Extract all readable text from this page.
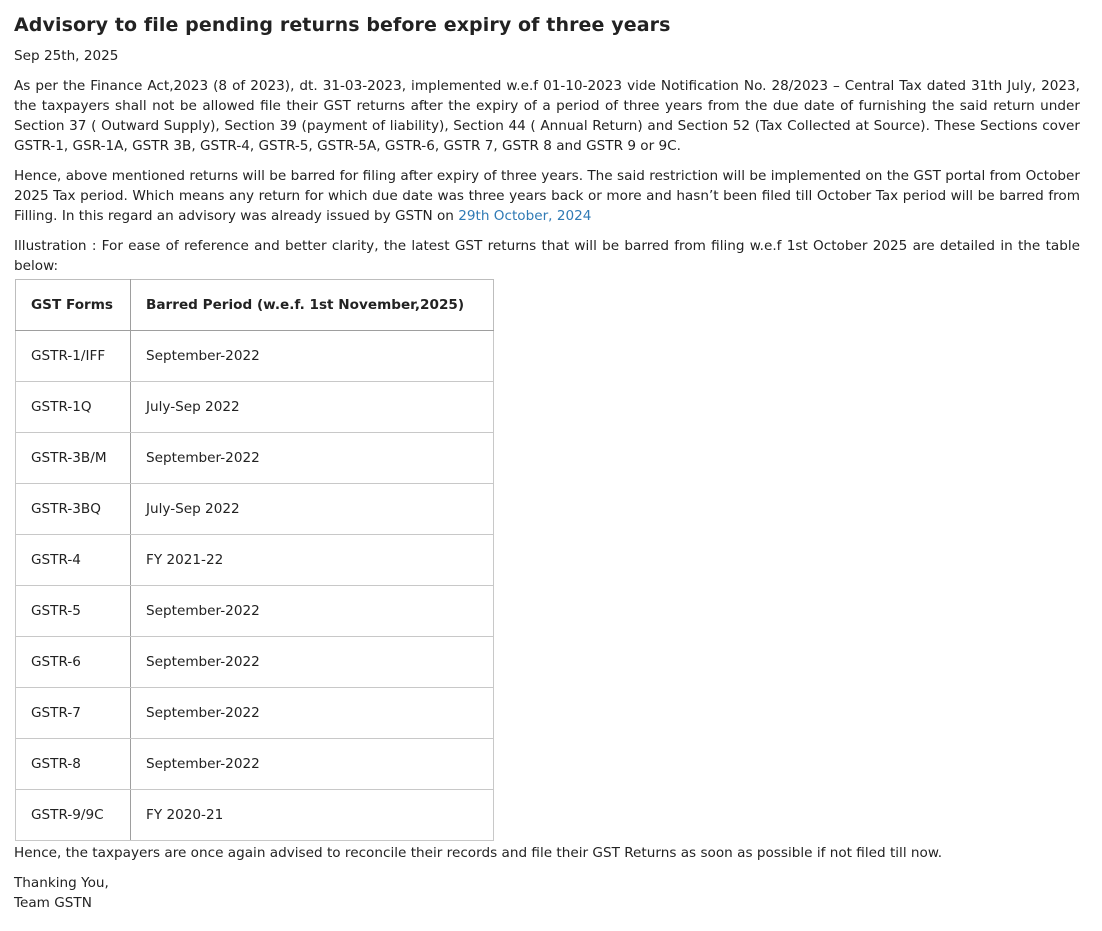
Advisory to file pending returns before expiry of three years
Sep 25th, 2025

As per the Finance Act,2023 (8 of 2023), dt. 31-03-2023, implemented w.e.f 01-10-2023 vide Notification No. 28/2023 – Central Tax dated 31th July, 2023, the taxpayers shall not be allowed file their GST returns after the expiry of a period of three years from the due date of furnishing the said return under Section 37 ( Outward Supply), Section 39 (payment of liability), Section 44 ( Annual Return) and Section 52 (Tax Collected at Source). These Sections cover GSTR-1, GSR-1A, GSTR 3B, GSTR-4, GSTR-5, GSTR-5A, GSTR-6, GSTR 7, GSTR 8 and GSTR 9 or 9C.

Hence, above mentioned returns will be barred for filing after expiry of three years. The said restriction will be implemented on the GST portal from October 2025 Tax period. Which means any return for which due date was three years back or more and hasn’t been filed till October Tax period will be barred from Filling. In this regard an advisory was already issued by GSTN on 29th October, 2024

Illustration : For ease of reference and better clarity, the latest GST returns that will be barred from filing w.e.f 1st October 2025 are detailed in the table below:

GST Forms	Barred Period (w.e.f. 1st November,2025)
GSTR-1/IFF	September-2022
GSTR-1Q	July-Sep 2022
GSTR-3B/M	September-2022
GSTR-3BQ	July-Sep 2022
GSTR-4	FY 2021-22
GSTR-5	September-2022
GSTR-6	September-2022
GSTR-7	September-2022
GSTR-8	September-2022
GSTR-9/9C	FY 2020-21
Hence, the taxpayers are once again advised to reconcile their records and file their GST Returns as soon as possible if not filed till now.
Thanking You,
Team GSTN
